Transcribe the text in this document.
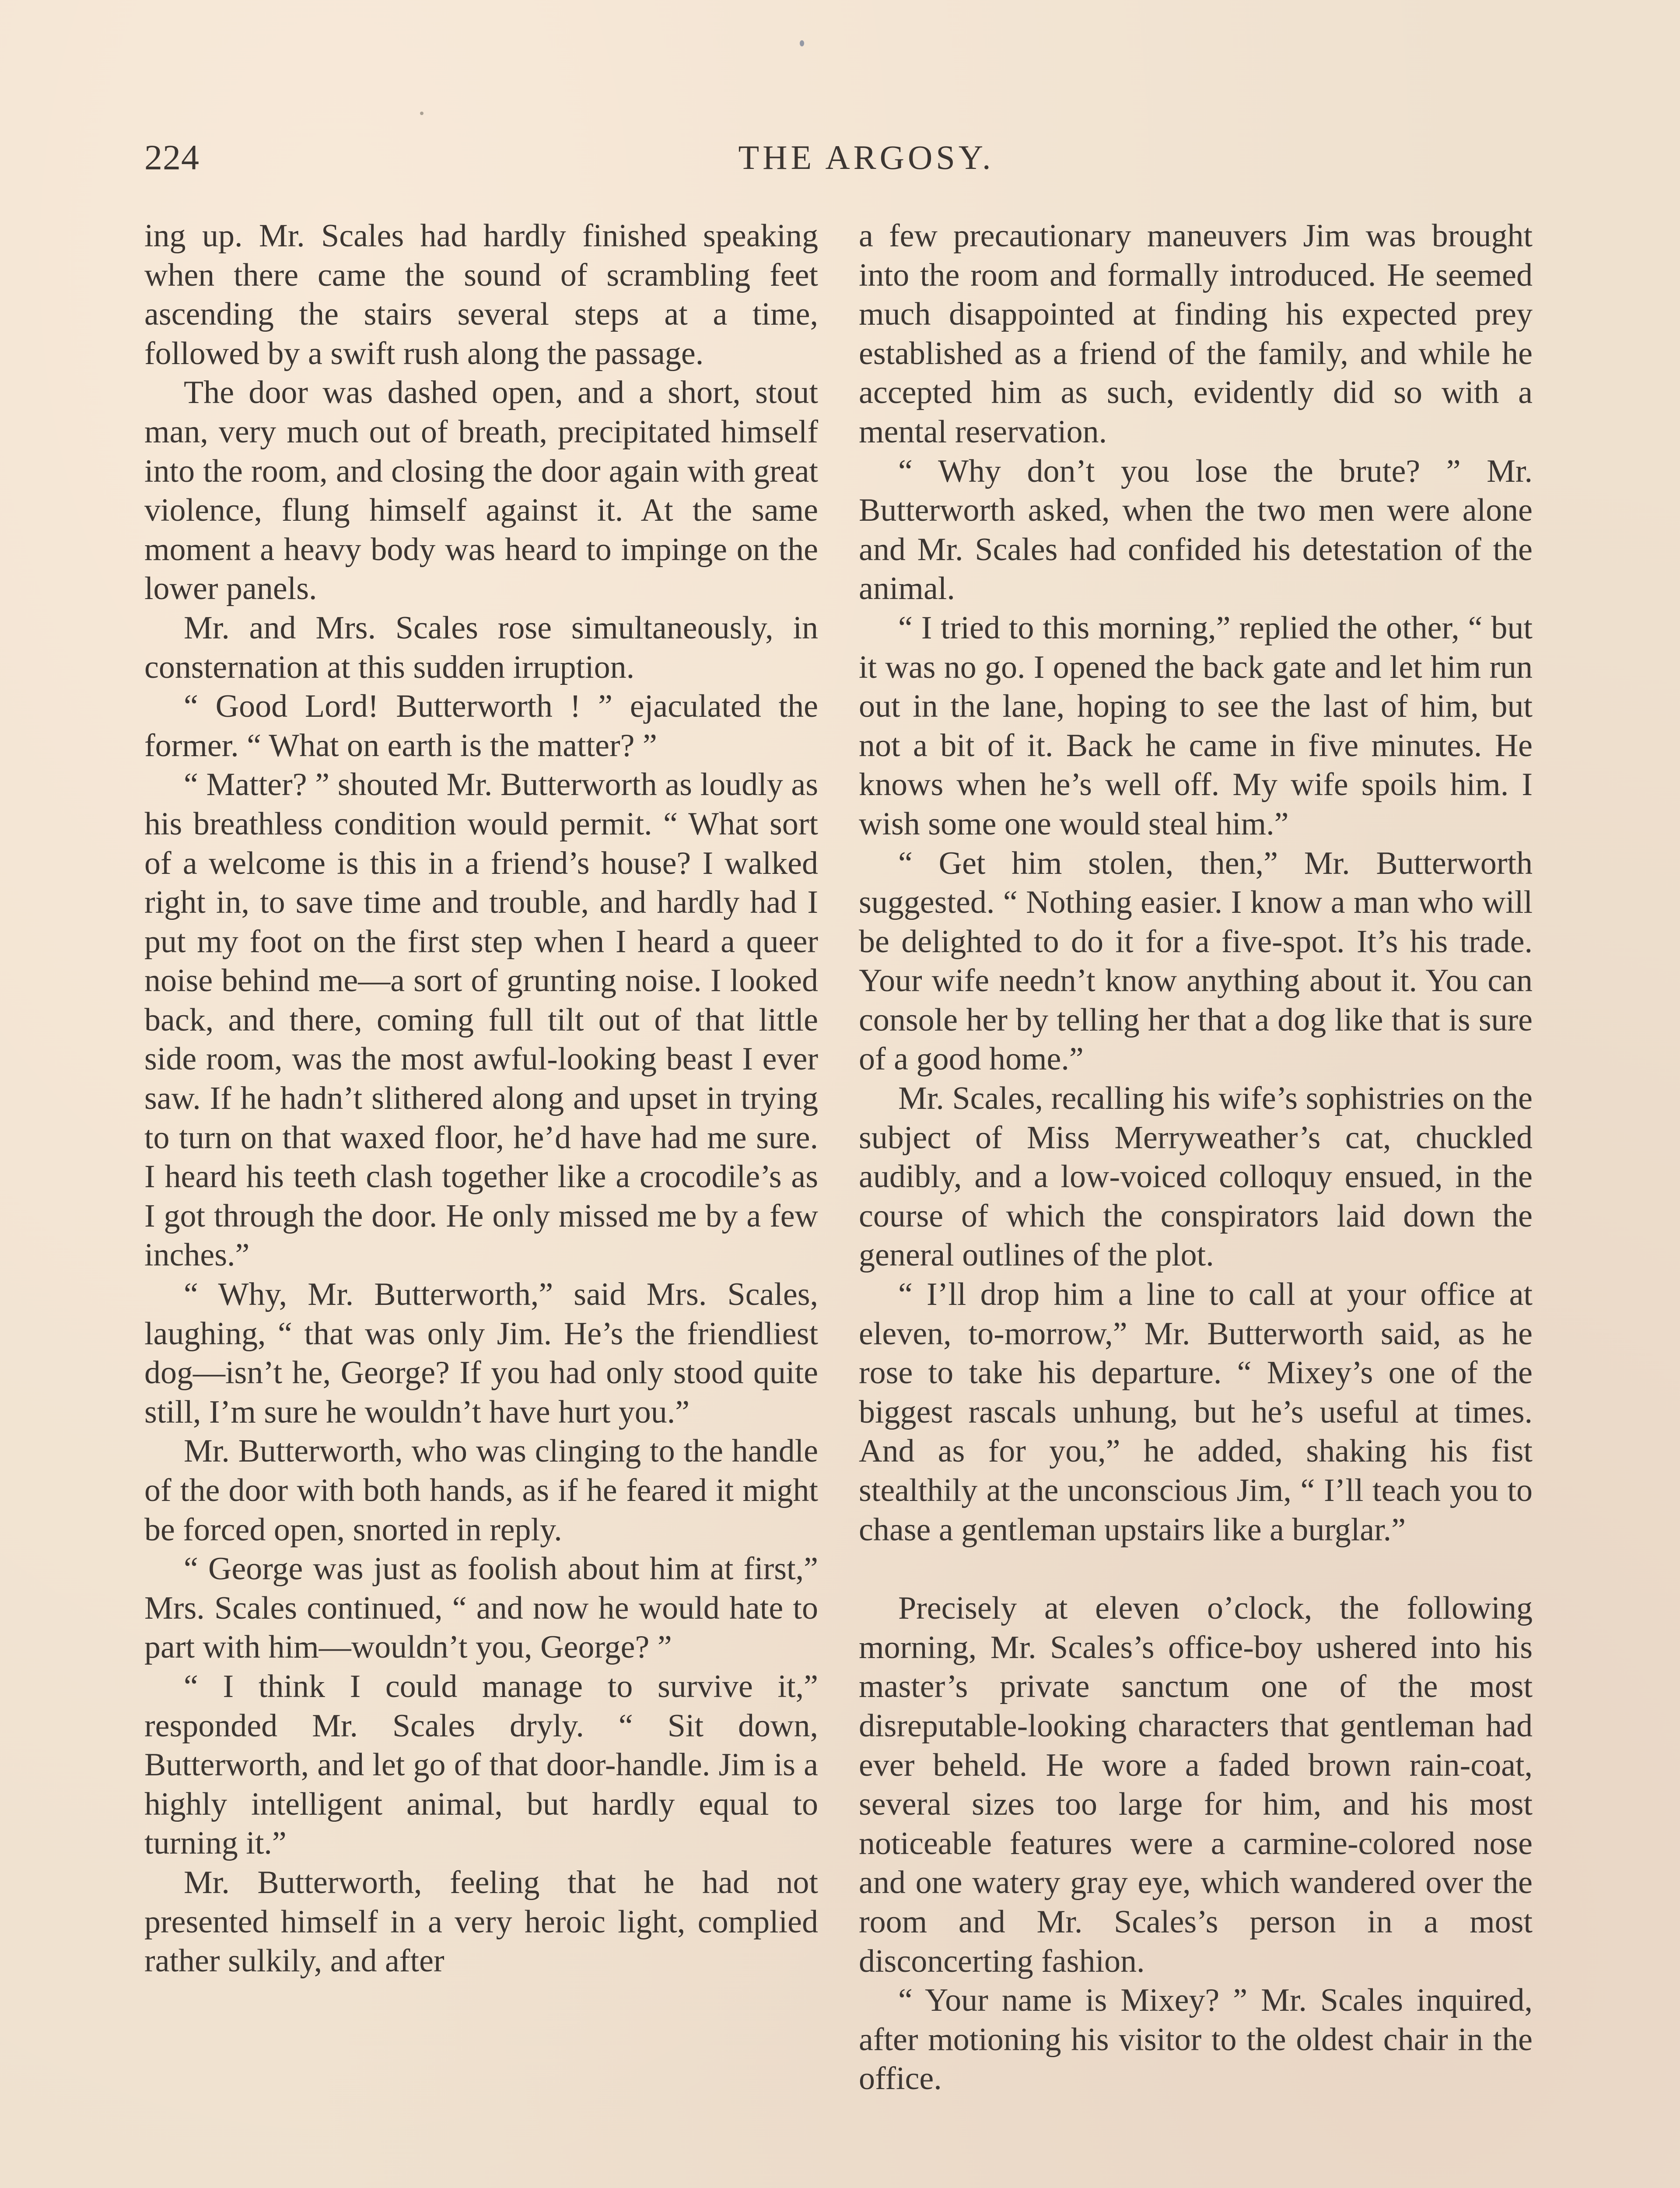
224	THE ARGOSY.

ing up. Mr. Scales had hardly finished speaking when there came the sound of scrambling feet ascending the stairs several steps at a time, followed by a swift rush along the passage.

The door was dashed open, and a short, stout man, very much out of breath, precipitated himself into the room, and closing the door again with great violence, flung himself against it. At the same moment a heavy body was heard to impinge on the lower panels.

Mr. and Mrs. Scales rose simultaneously, in consternation at this sudden irruption.

“ Good Lord! Butterworth ! ” ejaculated the former. “ What on earth is the matter? ”

“ Matter? ” shouted Mr. Butterworth as loudly as his breathless condition would permit. “ What sort of a welcome is this in a friend’s house? I walked right in, to save time and trouble, and hardly had I put my foot on the first step when I heard a queer noise behind me—a sort of grunting noise. I looked back, and there, coming full tilt out of that little side room, was the most awful-looking beast I ever saw. If he hadn’t slithered along and upset in trying to turn on that waxed floor, he’d have had me sure. I heard his teeth clash together like a crocodile’s as I got through the door. He only missed me by a few inches.”

“ Why, Mr. Butterworth,” said Mrs. Scales, laughing, “ that was only Jim. He’s the friendliest dog—isn’t he, George? If you had only stood quite still, I’m sure he wouldn’t have hurt you.”

Mr. Butterworth, who was clinging to the handle of the door with both hands, as if he feared it might be forced open, snorted in reply.

“ George was just as foolish about him at first,” Mrs. Scales continued, “ and now he would hate to part with him—wouldn’t you, George? ”

“ I think I could manage to survive it,” responded Mr. Scales dryly. “ Sit down, Butterworth, and let go of that door-handle. Jim is a highly intelligent animal, but hardly equal to turning it.”

Mr. Butterworth, feeling that he had not presented himself in a very heroic light, complied rather sulkily, and after

a few precautionary maneuvers Jim was brought into the room and formally introduced. He seemed much disappointed at finding his expected prey established as a friend of the family, and while he accepted him as such, evidently did so with a mental reservation.

“ Why don’t you lose the brute? ” Mr. Butterworth asked, when the two men were alone and Mr. Scales had confided his detestation of the animal.

“ I tried to this morning,” replied the other, “ but it was no go. I opened the back gate and let him run out in the lane, hoping to see the last of him, but not a bit of it. Back he came in five minutes. He knows when he’s well off. My wife spoils him. I wish some one would steal him.”

“ Get him stolen, then,” Mr. Butterworth suggested. “ Nothing easier. I know a man who will be delighted to do it for a five-spot. It’s his trade. Your wife needn’t know anything about it. You can console her by telling her that a dog like that is sure of a good home.”

Mr. Scales, recalling his wife’s sophistries on the subject of Miss Merryweather’s cat, chuckled audibly, and a low-voiced colloquy ensued, in the course of which the conspirators laid down the general outlines of the plot.

“ I’ll drop him a line to call at your office at eleven, to-morrow,” Mr. Butterworth said, as he rose to take his departure. “ Mixey’s one of the biggest rascals unhung, but he’s useful at times. And as for you,” he added, shaking his fist stealthily at the unconscious Jim, “ I’ll teach you to chase a gentleman upstairs like a burglar.”

Precisely at eleven o’clock, the following morning, Mr. Scales’s office-boy ushered into his master’s private sanctum one of the most disreputable-looking characters that gentleman had ever beheld. He wore a faded brown rain-coat, several sizes too large for him, and his most noticeable features were a carmine-colored nose and one watery gray eye, which wandered over the room and Mr. Scales’s person in a most disconcerting fashion.

“ Your name is Mixey? ” Mr. Scales inquired, after motioning his visitor to the oldest chair in the office.
